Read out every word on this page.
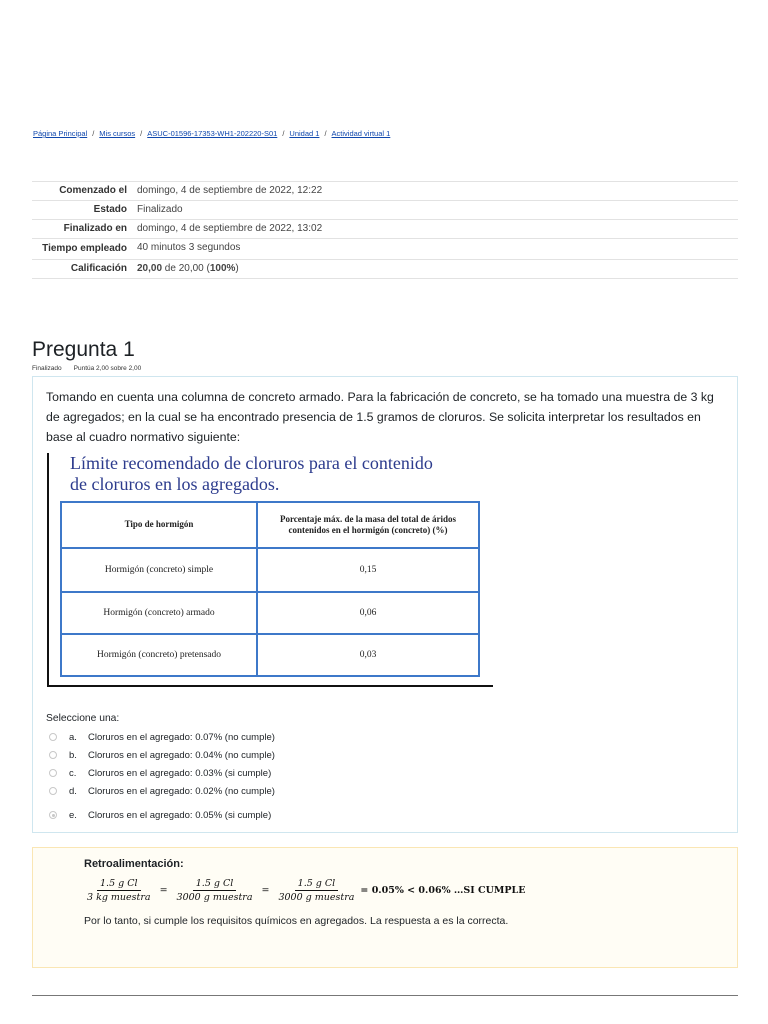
Página Principal / Mis cursos / ASUC-01596-17353-WH1-202220-S01 / Unidad 1 / Actividad virtual 1
Comenzado el	domingo, 4 de septiembre de 2022, 12:22
Estado	Finalizado
Finalizado en	domingo, 4 de septiembre de 2022, 13:02
Tiempo empleado	40 minutos 3 segundos
Calificación	20,00 de 20,00 (100%)
Pregunta 1
Finalizado Puntúa 2,00 sobre 2,00
Tomando en cuenta una columna de concreto armado. Para la fabricación de concreto, se ha tomado una muestra de 3 kg de agregados; en la cual se ha encontrado presencia de 1.5 gramos de cloruros. Se solicita interpretar los resultados en base al cuadro normativo siguiente:
Límite recomendado de cloruros para el contenido
de cloruros en los agregados.
Tipo de hormigón	Porcentaje máx. de la masa del total de áridos contenidos en el hormigón (concreto) (%)
Hormigón (concreto) simple	0,15
Hormigón (concreto) armado	0,06
Hormigón (concreto) pretensado	0,03
Seleccione una:
a. Cloruros en el agregado: 0.07% (no cumple)
b. Cloruros en el agregado: 0.04% (no cumple)
c. Cloruros en el agregado: 0.03% (si cumple)
d. Cloruros en el agregado: 0.02% (no cumple)
e. Cloruros en el agregado: 0.05% (si cumple)
Retroalimentación:
$\frac{\text{1.5 g Cl}}{\text{3 kg muestra}} = \frac{\text{1.5 g Cl}}{\text{3000 g muestra}} = \frac{\text{1.5 g Cl}}{\text{3000 g muestra}} = 0.05\% < 0.06\%$ …SI CUMPLE
Por lo tanto, si cumple los requisitos químicos en agregados. La respuesta a es la correcta.
